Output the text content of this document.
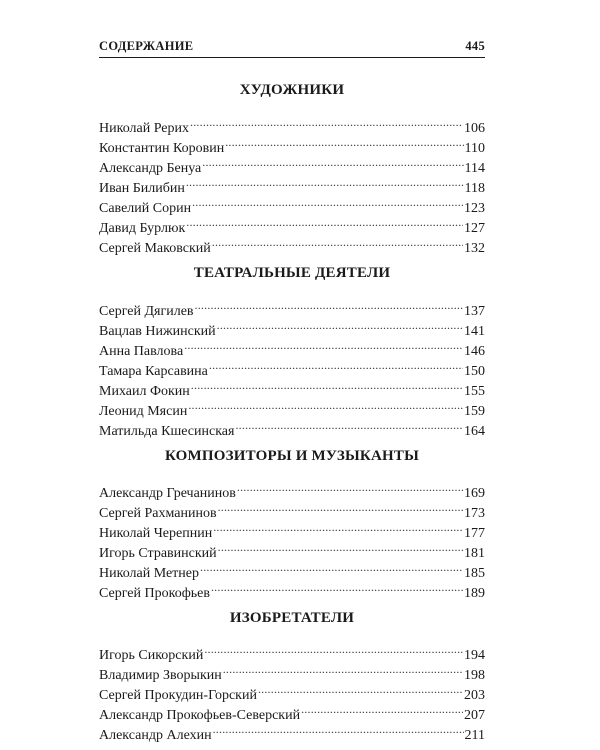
СОДЕРЖАНИЕ	445
ХУДОЖНИКИ
Николай Рерих .....	106
Константин Коровин .....	110
Александр Бенуа .....	114
Иван Билибин .....	118
Савелий Сорин .....	123
Давид Бурлюк .....	127
Сергей Маковский .....	132
ТЕАТРАЛЬНЫЕ ДЕЯТЕЛИ
Сергей Дягилев .....	137
Вацлав Нижинский .....	141
Анна Павлова .....	146
Тамара Карсавина .....	150
Михаил Фокин .....	155
Леонид Мясин .....	159
Матильда Кшесинская .....	164
КОМПОЗИТОРЫ И МУЗЫКАНТЫ
Александр Гречанинов .....	169
Сергей Рахманинов .....	173
Николай Черепнин .....	177
Игорь Стравинский .....	181
Николай Метнер .....	185
Сергей Прокофьев .....	189
ИЗОБРЕТАТЕЛИ
Игорь Сикорский .....	194
Владимир Зворыкин .....	198
Сергей Прокудин-Горский .....	203
Александр Прокофьев-Северский .....	207
Александр Алехин .....	211
